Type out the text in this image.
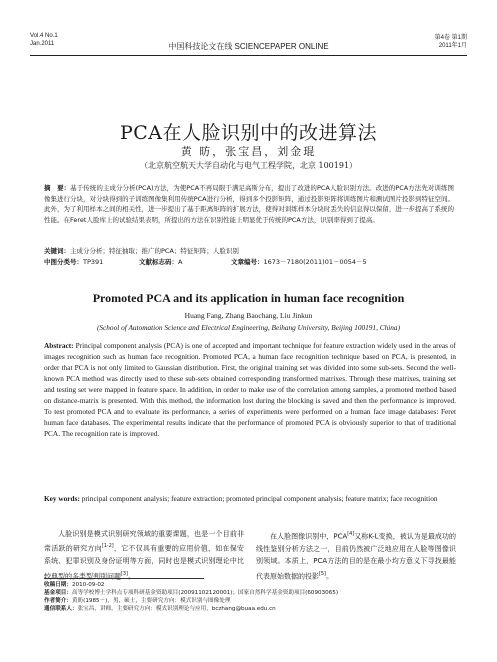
Vol.4 No.1
Jan.2011	中国科技论文在线 SCIENCEPAPER ONLINE
第4卷 第1期
2011年1月
PCA在人脸识别中的改进算法
黄 昉，张宝昌，刘金琨
（北京航空航天大学自动化与电气工程学院，北京 100191）
摘　要：基于传统的主成分分析(PCA)方法，为使PCA不再局限于满足高斯分布，提出了改进的PCA人脸识别方法。改进的PCA方法先对训练图像集进行分块，对分块得到的子训练图像集利用传统PCA进行分析，得到多个投影矩阵，通过投影矩阵将训练图片和测试图片投影到特征空间。此外，为了利用样本之间的相关性，进一步提出了基于距离矩阵的扩展方法，使得对训练样本分块时丢失的信息得以保留，进一步提高了系统的性能。在Feret人脸库上的试验结果表明，所提出的方法在识别性能上明显优于传统的PCA方法，识别率得到了提高。
关键词：主成分分析；特征抽取；推广的PCA；特征矩阵；人脸识别
中图分类号：TP391	文献标志码：A	文章编号：1673－7180(2011)01－0054－5
Promoted PCA and its application in human face recognition
Huang Fang, Zhang Baochang, Liu Jinkun
(School of Automation Science and Electrical Engineering, Beihang University, Beijing 100191, China)
Abstract: Principal component analysis (PCA) is one of accepted and important technique for feature extraction widely used in the areas of images recognition such as human face recognition. Promoted PCA, a human face recognition technique based on PCA, is presented, in order that PCA is not only limited to Gaussian distribution. First, the original training set was divided into some sub-sets. Second the well-known PCA method was directly used to these sub-sets obtained corresponding transformed matrixes. Through these matrixes, training set and testing set were mapped in feature space. In addition, in order to make use of the correlation among samples, a promoted method based on distance-matrix is presented. With this method, the information lost during the blocking is saved and then the performance is improved. To test promoted PCA and to evaluate its performance, a series of experiments were performed on a human face image databases: Feret human face databases. The experimental results indicate that the performance of promoted PCA is obviously superior to that of traditional PCA. The recognition rate is improved.
Key words: principal component analysis; feature extraction; promoted principal component analysis; feature matrix; face recognition
人脸识别是模式识别研究领域的重要课题，也是一个目前非常活跃的研究方向[1-2]，它不仅具有重要的应用价值，如在保安系统、犯罪识别及身份证明等方面，同时也是模式识别理论中比较典型的多类型判别问题[3]。
在人脸图像识别中，PCA[4]又称K-L变换，被认为是最成功的线性鉴别分析方法之一，目前仍然被广泛地应用在人脸等图像识别领域。本质上，PCA方法的目的是在最小均方意义下寻找最能代表原始数据的投影[5]。
收稿日期：2010-09-02
基金项目：高等学校博士学科点专项科研基金资助项目(20091102120001)；国家自然科学基金资助项目(60903065)
作者简介：黄昉(1985－)，男，硕士，主要研究方向：模式识别与图像处理
通信联系人：张宝昌，讲师，主要研究方向：模式识别理论与应用，bczhang@buaa.edu.cn
